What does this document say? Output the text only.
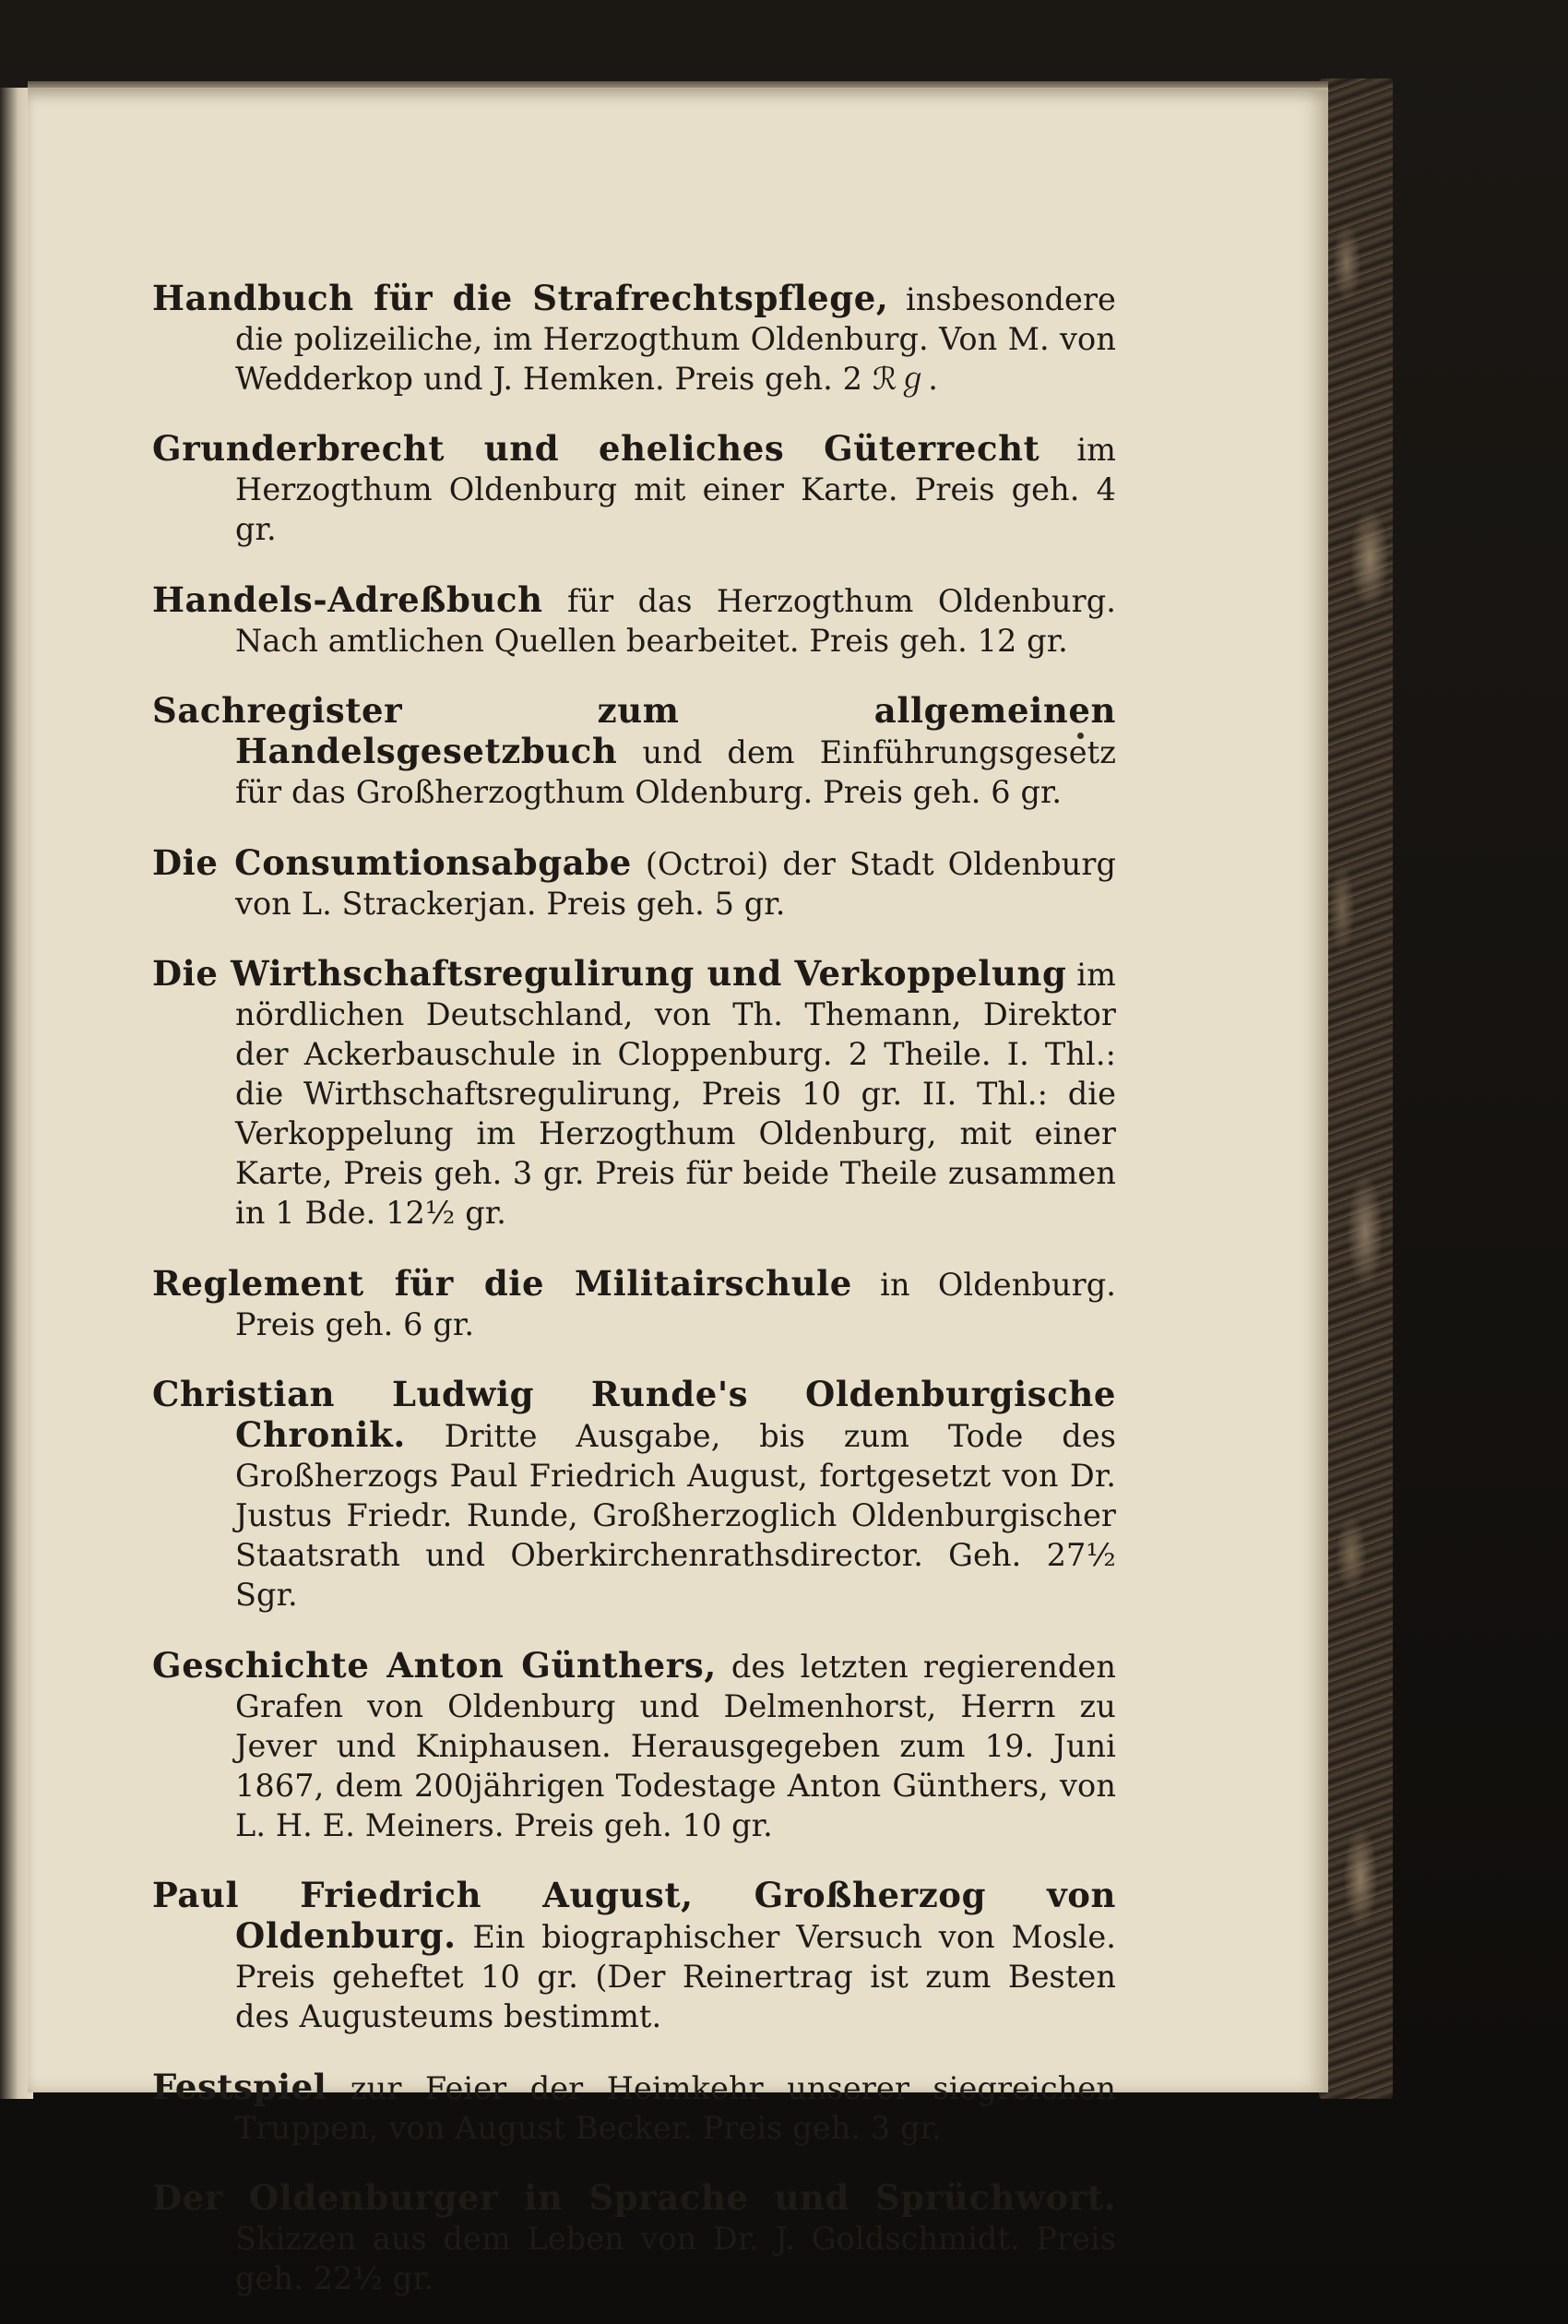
Handbuch für die Strafrechtspflege, insbesondere die polizeiliche, im Herzogthum Oldenburg. Von M. von Wedderkop und J. Hemken. Preis geh. 2 ℛℊ.

Grunderbrecht und eheliches Güterrecht im Herzogthum Oldenburg mit einer Karte. Preis geh. 4 gr.

Handels-Adreßbuch für das Herzogthum Oldenburg. Nach amtlichen Quellen bearbeitet. Preis geh. 12 gr.

Sachregister zum allgemeinen Handelsgesetzbuch und dem Einführungsgesetz für das Großherzogthum Oldenburg. Preis geh. 6 gr.

Die Consumtionsabgabe (Octroi) der Stadt Oldenburg von L. Strackerjan. Preis geh. 5 gr.

Die Wirthschaftsregulirung und Verkoppelung im nördlichen Deutschland, von Th. Themann, Direktor der Ackerbauschule in Cloppenburg. 2 Theile. I. Thl.: die Wirthschaftsregulirung, Preis 10 gr. II. Thl.: die Verkoppelung im Herzogthum Oldenburg, mit einer Karte, Preis geh. 3 gr. Preis für beide Theile zusammen in 1 Bde. 12½ gr.

Reglement für die Militairschule in Oldenburg. Preis geh. 6 gr.

Christian Ludwig Runde's Oldenburgische Chronik. Dritte Ausgabe, bis zum Tode des Großherzogs Paul Friedrich August, fortgesetzt von Dr. Justus Friedr. Runde, Großherzoglich Oldenburgischer Staatsrath und Oberkirchenrathsdirector. Geh. 27½ Sgr.

Geschichte Anton Günthers, des letzten regierenden Grafen von Oldenburg und Delmenhorst, Herrn zu Jever und Kniphausen. Herausgegeben zum 19. Juni 1867, dem 200jährigen Todestage Anton Günthers, von L. H. E. Meiners. Preis geh. 10 gr.

Paul Friedrich August, Großherzog von Oldenburg. Ein biographischer Versuch von Mosle. Preis geheftet 10 gr. (Der Reinertrag ist zum Besten des Augusteums bestimmt.

Festspiel zur Feier der Heimkehr unserer siegreichen Truppen, von August Becker. Preis geh. 3 gr.

Der Oldenburger in Sprache und Sprüchwort. Skizzen aus dem Leben von Dr. J. Goldschmidt. Preis geh. 22½ gr.
